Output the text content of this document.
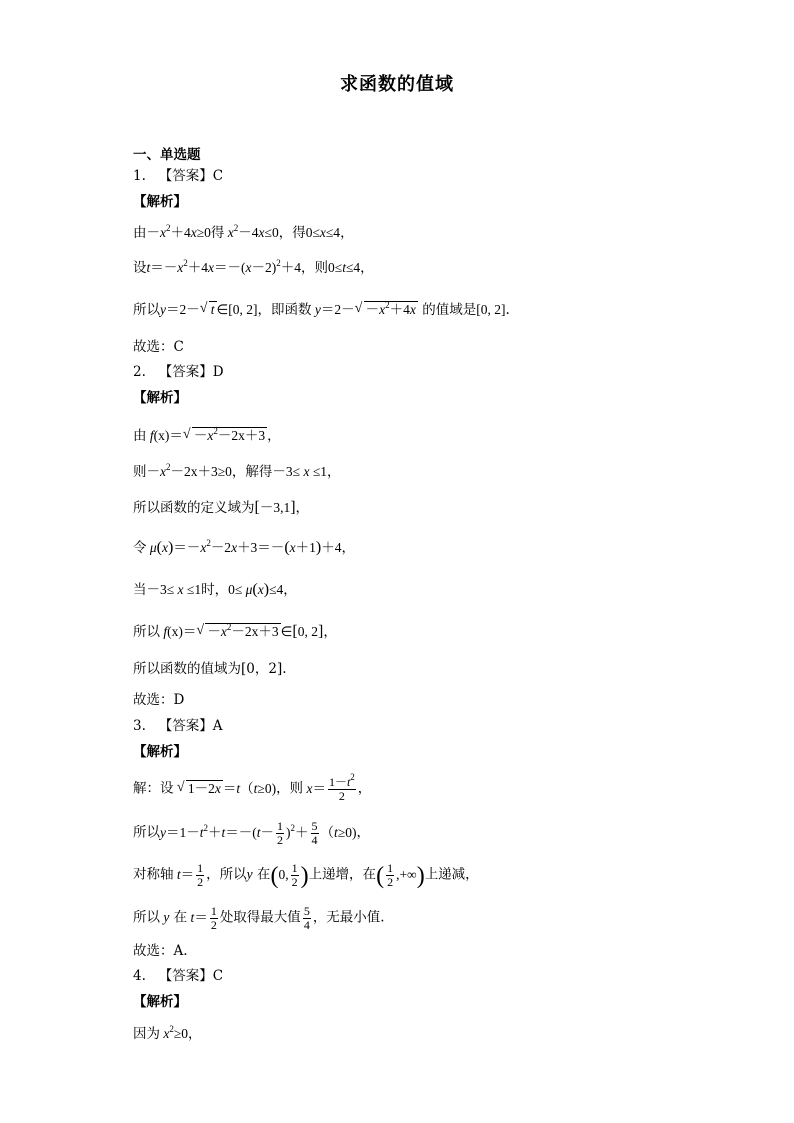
求函数的值域
一、单选题
1. 【答案】C
【解析】
由$-x^2+4x\ge 0$得 $x^2-4x\le 0$，得0≤x≤4，
设$t=-x^2+4x=-(x-2)^2+4$，则0≤t≤4，
所以y＝2－√ t ∈[0, 2]，即函数 $y=2-√ -x^2+4x$ 的值域是[0, 2].
故选：C
2. 【答案】D
【解析】
由 $f(x)=√ -x^2-2x+3$ ，
则$-x^2-2x+3\ge 0$，解得－3≤ x ≤1，
所以函数的定义域为[－3,1]，
令 $\mu(x)=-x^2-2x+3=-(x+1)+4$，
当－3≤ x ≤1时，0≤ μ(x)≤4，
所以 $f(x)=√ -x^2-2x+3$ ∈[0, 2]，
所以函数的值域为[0，2].
故选：D
3. 【答案】A
【解析】
解：设 √ 1－2x ＝t（t≥0)，则 $x= \frac{1-t^2}{2}$ ，
所以$y=1-t^2+t=-(t- \frac{1}{2} )^2+ \frac{5}{4} (t\ge 0)$，
对称轴 $t= \frac{1}{2}$ ，所以y 在(0, $\frac{1}{2}$ )上递增，在( $\frac{1}{2}$ ,+∞)上递减，
所以 y 在 $t= \frac{1}{2}$ 处取得最大值 $\frac{5}{4}$ ，无最小值.
故选：A.
4. 【答案】C
【解析】
因为 $x^2\ge 0$，
